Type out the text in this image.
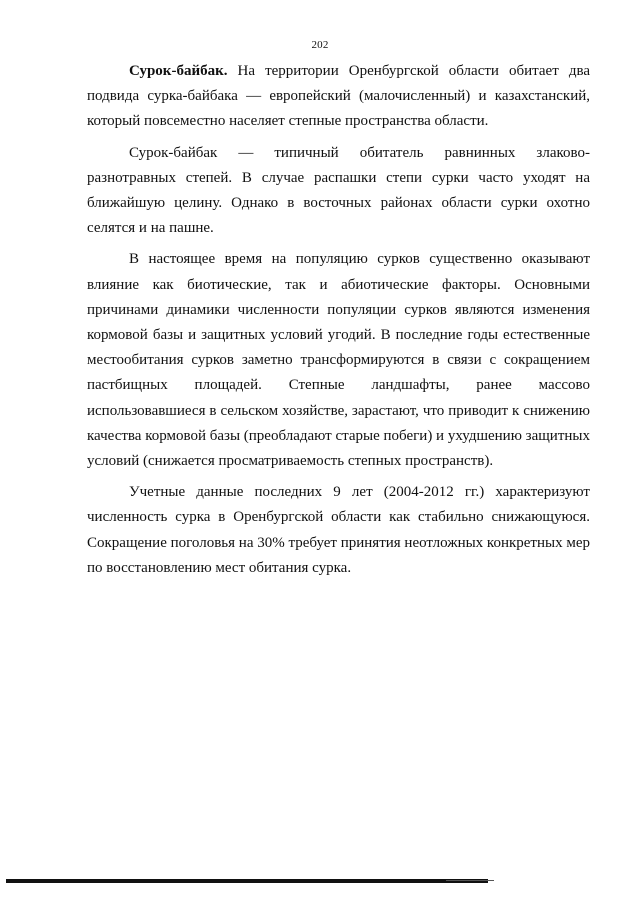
202

Сурок-байбак. На территории Оренбургской области обитает два подвида сурка-байбака — европейский (малочисленный) и казахстанский, который повсеместно населяет степные пространства области.

Сурок-байбак — типичный обитатель равнинных злаково-разнотравных степей. В случае распашки степи сурки часто уходят на ближайшую целину. Однако в восточных районах области сурки охотно селятся и на пашне.

В настоящее время на популяцию сурков существенно оказывают влияние как биотические, так и абиотические факторы. Основными причинами динамики численности популяции сурков являются изменения кормовой базы и защитных условий угодий. В последние годы естественные местообитания сурков заметно трансформируются в связи с сокращением пастбищных площадей. Степные ландшафты, ранее массово использовавшиеся в сельском хозяйстве, зарастают, что приводит к снижению качества кормовой базы (преобладают старые побеги) и ухудшению защитных условий (снижается просматриваемость степных пространств).

Учетные данные последних 9 лет (2004-2012 гг.) характеризуют численность сурка в Оренбургской области как стабильно снижающуюся. Сокращение поголовья на 30% требует принятия неотложных конкретных мер по восстановлению мест обитания сурка.
